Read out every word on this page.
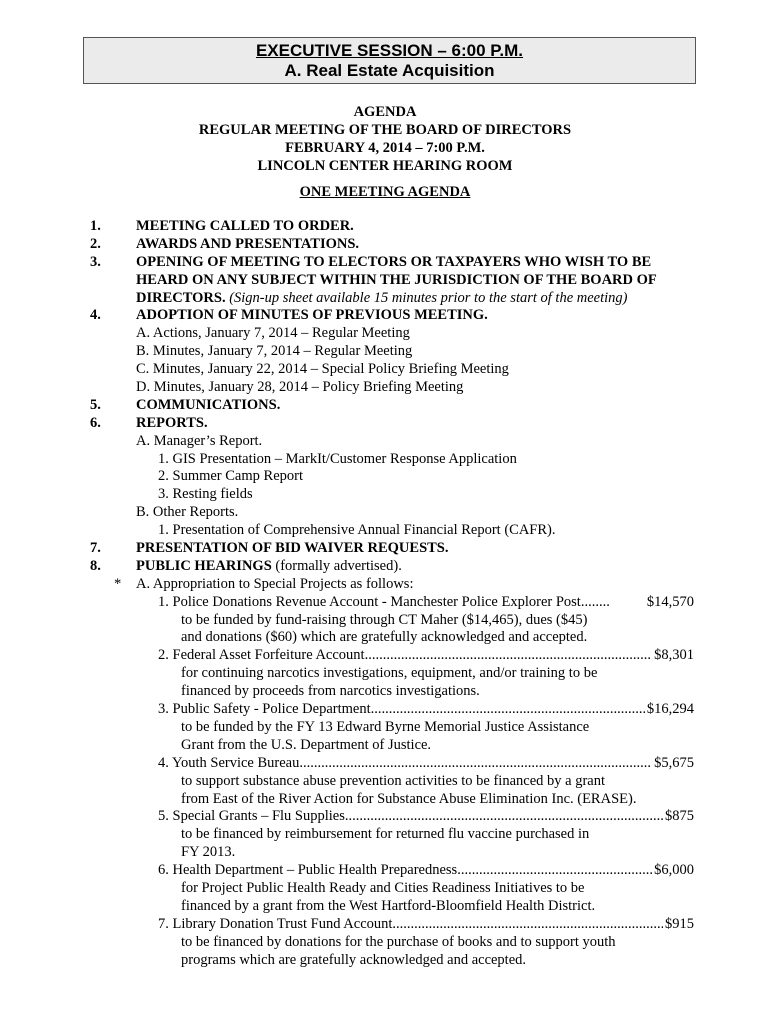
EXECUTIVE SESSION – 6:00 P.M.
A. Real Estate Acquisition
AGENDA
REGULAR MEETING OF THE BOARD OF DIRECTORS
FEBRUARY 4, 2014 – 7:00 P.M.
LINCOLN CENTER HEARING ROOM
ONE MEETING AGENDA
1. MEETING CALLED TO ORDER.
2. AWARDS AND PRESENTATIONS.
3. OPENING OF MEETING TO ELECTORS OR TAXPAYERS WHO WISH TO BE
HEARD ON ANY SUBJECT WITHIN THE JURISDICTION OF THE BOARD OF
DIRECTORS. (Sign-up sheet available 15 minutes prior to the start of the meeting)
4. ADOPTION OF MINUTES OF PREVIOUS MEETING.
A. Actions, January 7, 2014 – Regular Meeting
B. Minutes, January 7, 2014 – Regular Meeting
C. Minutes, January 22, 2014 – Special Policy Briefing Meeting
D. Minutes, January 28, 2014 – Policy Briefing Meeting
5. COMMUNICATIONS.
6. REPORTS.
A. Manager’s Report.
1. GIS Presentation – MarkIt/Customer Response Application
2. Summer Camp Report
3. Resting fields
B. Other Reports.
1. Presentation of Comprehensive Annual Financial Report (CAFR).
7. PRESENTATION OF BID WAIVER REQUESTS.
8. PUBLIC HEARINGS (formally advertised).
* A. Appropriation to Special Projects as follows:
1. Police Donations Revenue Account - Manchester Police Explorer Post........	$14,570
to be funded by fund-raising through CT Maher ($14,465), dues ($45)
and donations ($60) which are gratefully acknowledged and accepted.
2. Federal Asset Forfeiture Account .....	$8,301
for continuing narcotics investigations, equipment, and/or training to be
financed by proceeds from narcotics investigations.
3. Public Safety - Police Department .....	$16,294
to be funded by the FY 13 Edward Byrne Memorial Justice Assistance
Grant from the U.S. Department of Justice.
4. Youth Service Bureau .....	$5,675
to support substance abuse prevention activities to be financed by a grant
from East of the River Action for Substance Abuse Elimination Inc. (ERASE).
5. Special Grants – Flu Supplies .....	$875
to be financed by reimbursement for returned flu vaccine purchased in
FY 2013.
6. Health Department – Public Health Preparedness .....	$6,000
for Project Public Health Ready and Cities Readiness Initiatives to be
financed by a grant from the West Hartford-Bloomfield Health District.
7. Library Donation Trust Fund Account .....	$915
to be financed by donations for the purchase of books and to support youth
programs which are gratefully acknowledged and accepted.
